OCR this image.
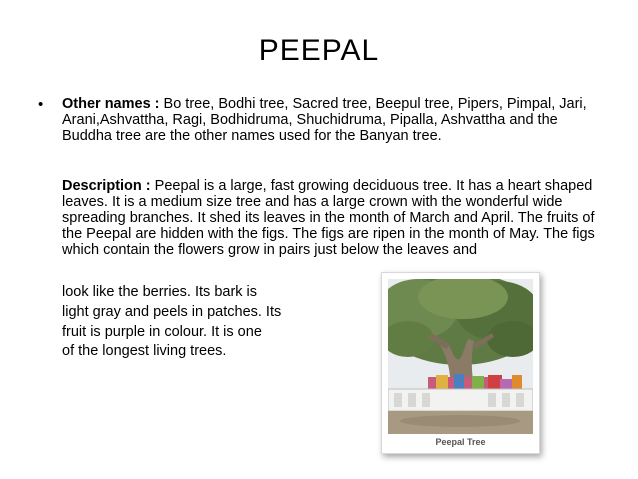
PEEPAL
• Other names : Bo tree, Bodhi tree, Sacred tree, Beepul tree, Pipers, Pimpal, Jari, Arani,Ashvattha, Ragi, Bodhidruma, Shuchidruma, Pipalla, Ashvattha and the Buddha tree are the other names used for the Banyan tree.
Description : Peepal is a large, fast growing deciduous tree. It has a heart shaped leaves. It is a medium size tree and has a large crown with the wonderful wide spreading branches. It shed its leaves in the month of March and April. The fruits of the Peepal are hidden with the figs. The figs are ripen in the month of May. The figs which contain the flowers grow in pairs just below the leaves and
look like the berries. Its bark is
light gray and peels in patches. Its
fruit is purple in colour. It is one
of the longest living trees.
Peepal Tree
